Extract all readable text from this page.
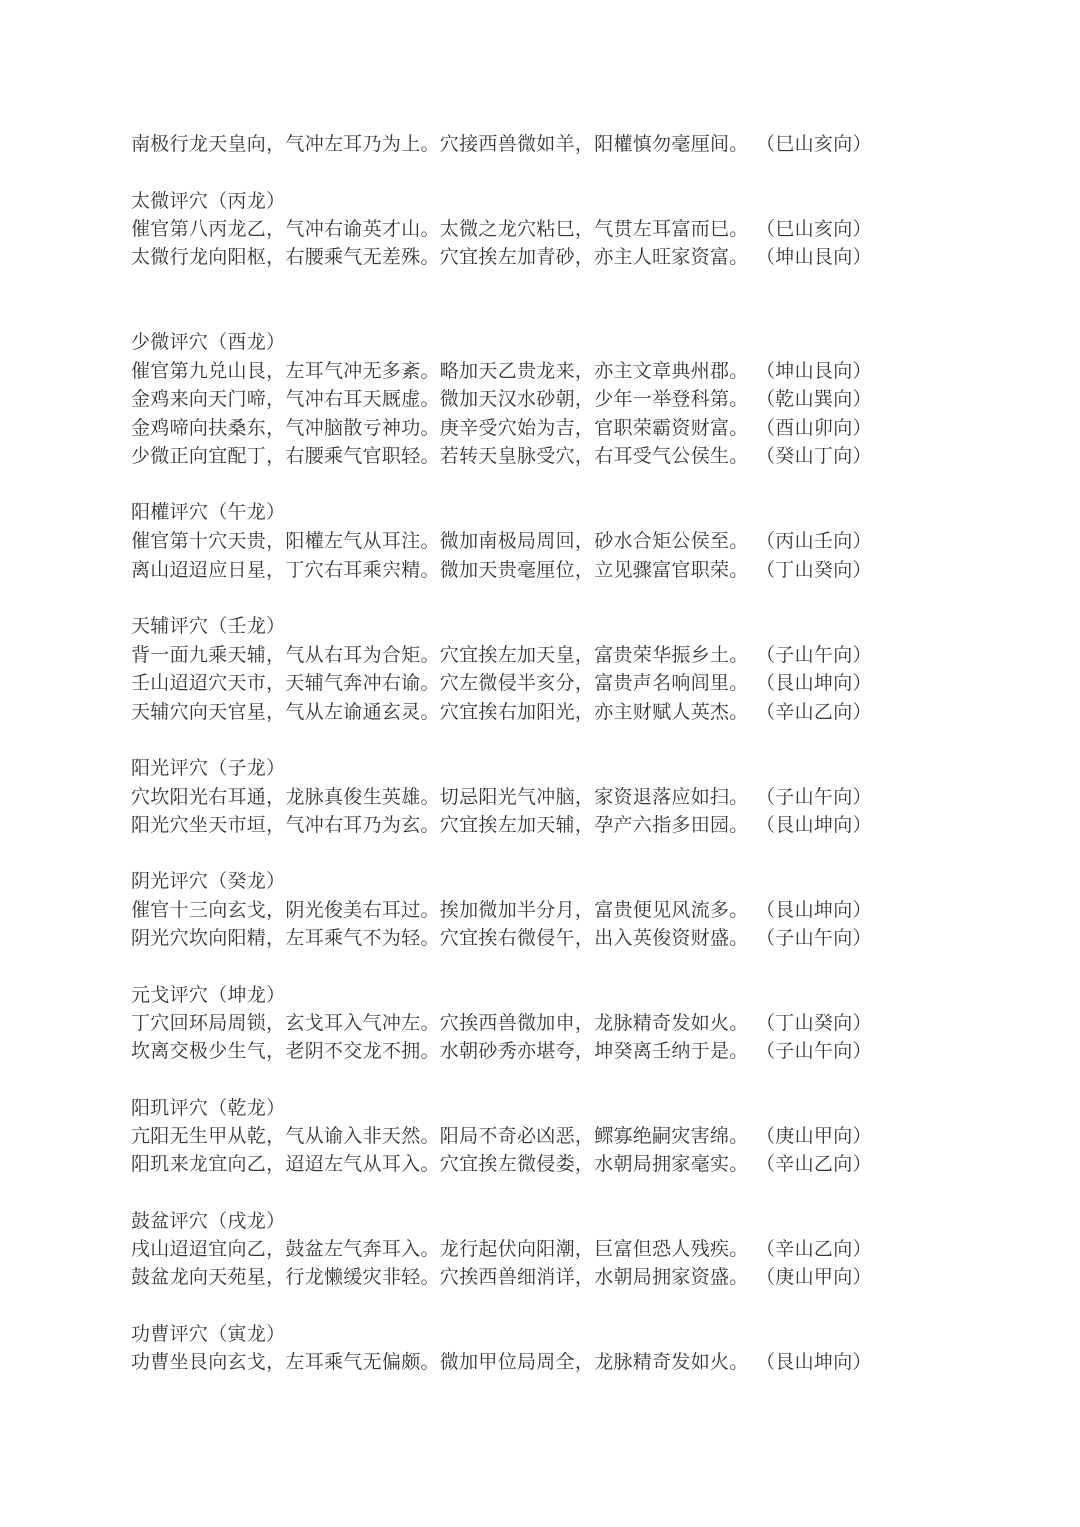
南极行龙天皇向，气冲左耳乃为上。穴接西兽微如羊，阳權慎勿毫厘间。 （巳山亥向）
太微评穴（丙龙）
催官第八丙龙乙，气冲右谕英才山。太微之龙穴粘巳，气贯左耳富而巳。 （巳山亥向）
太微行龙向阳枢，右腰乘气无差殊。穴宜挨左加青砂，亦主人旺家资富。 （坤山艮向）
少微评穴（酉龙）
催官第九兑山艮，左耳气冲无多紊。略加天乙贵龙来，亦主文章典州郡。 （坤山艮向）
金鸡来向天门啼，气冲右耳天厩虚。微加天汉水砂朝，少年一举登科第。 （乾山巽向）
金鸡啼向扶桑东，气冲脑散亏神功。庚辛受穴始为吉，官职荣霸资财富。 （酉山卯向）
少微正向宜配丁，右腰乘气官职轻。若转天皇脉受穴，右耳受气公侯生。 （癸山丁向）
阳權评穴（午龙）
催官第十穴天贵，阳權左气从耳注。微加南极局周回，砂水合矩公侯至。 （丙山壬向）
离山迢迢应日星，丁穴右耳乘宍精。微加天贵毫厘位，立见骤富官职荣。 （丁山癸向）
天辅评穴（壬龙）
背一面九乘天辅，气从右耳为合矩。穴宜挨左加天皇，富贵荣华振乡土。 （子山午向）
壬山迢迢穴天市，天辅气奔冲右谕。穴左微侵半亥分，富贵声名响闾里。 （艮山坤向）
天辅穴向天官星，气从左谕通玄灵。穴宜挨右加阳光，亦主财赋人英杰。 （辛山乙向）
阳光评穴（子龙）
穴坎阳光右耳通，龙脉真俊生英雄。切忌阳光气冲脑，家资退落应如扫。 （子山午向）
阳光穴坐天市垣，气冲右耳乃为玄。穴宜挨左加天辅，孕产六指多田园。 （艮山坤向）
阴光评穴（癸龙）
催官十三向玄戈，阴光俊美右耳过。挨加微加半分月，富贵便见风流多。 （艮山坤向）
阴光穴坎向阳精，左耳乘气不为轻。穴宜挨右微侵午，出入英俊资财盛。 （子山午向）
元戈评穴（坤龙）
丁穴回环局周锁，玄戈耳入气冲左。穴挨西兽微加申，龙脉精奇发如火。 （丁山癸向）
坎离交极少生气，老阴不交龙不拥。水朝砂秀亦堪夸，坤癸离壬纳于是。 （子山午向）
阳玑评穴（乾龙）
亢阳无生甲从乾，气从谕入非天然。阳局不奇必凶恶，鳏寡绝嗣灾害绵。 （庚山甲向）
阳玑来龙宜向乙，迢迢左气从耳入。穴宜挨左微侵娄，水朝局拥家毫实。 （辛山乙向）
鼓盆评穴（戌龙）
戌山迢迢宜向乙，鼓盆左气奔耳入。龙行起伏向阳潮，巨富但恐人残疾。 （辛山乙向）
鼓盆龙向天苑星，行龙懒缓灾非轻。穴挨西兽细消详，水朝局拥家资盛。 （庚山甲向）
功曹评穴（寅龙）
功曹坐艮向玄戈，左耳乘气无偏颇。微加甲位局周全，龙脉精奇发如火。 （艮山坤向）
